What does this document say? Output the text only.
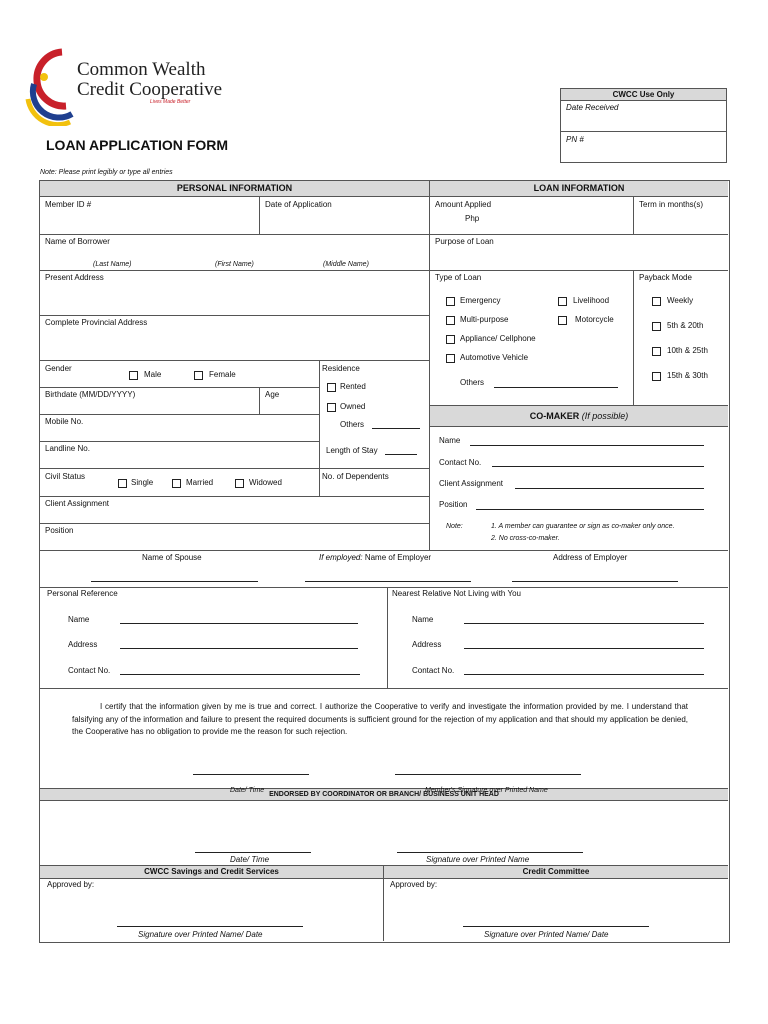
Common Wealth
Credit Cooperative
Lives Made Better
LOAN APPLICATION FORM
Note: Please print legibly or type all entries
CWCC Use Only
Date Received
PN #
PERSONAL INFORMATION	LOAN INFORMATION
CO-MAKER (If possible)
ENDORSED BY COORDINATOR OR BRANCH/ BUSINESS UNIT HEAD
CWCC Savings and Credit Services	Credit Committee
Member ID #	Date of Application
Name of Borrower
(Last Name)	(First Name)	(Middle Name)
Present Address
Complete Provincial Address
Gender
Male	Female
Residence
Rented
Owned
Others
Length of Stay
No. of Dependents
Birthdate (MM/DD/YYYY)	Age
Mobile No.
Landline No.
Civil Status
Single	Married	Widowed
Client Assignment
Position
Amount Applied
Php
Term in months(s)
Purpose of Loan
Type of Loan	Payback Mode
Emergency	Livelihood
Multi-purpose	Motorcycle
Appliance/ Cellphone
Automotive Vehicle
Others
Weekly
5th & 20th
10th & 25th
15th & 30th
Name
Contact No.
Client Assignment
Position
Note:	1. A member can guarantee or sign as co-maker only once.
2. No cross-co-maker.
Name of Spouse	If employed: Name of Employer	Address of Employer
Personal Reference	Nearest Relative Not Living with You
Name
Address
Contact No.
Name
Address
Contact No.
I certify that the information given by me is true and correct. I authorize the Cooperative to verify and investigate the information provided by me. I understand that falsifying any of the information and failure to present the required documents is sufficient ground for the rejection of my application and that should my application be denied, the Cooperative has no obligation to provide me the reason for such rejection.
Date/ Time	Member's Signature over Printed Name
Date/ Time	Signature over Printed Name
Approved by:	Approved by:
Signature over Printed Name/ Date	Signature over Printed Name/ Date
